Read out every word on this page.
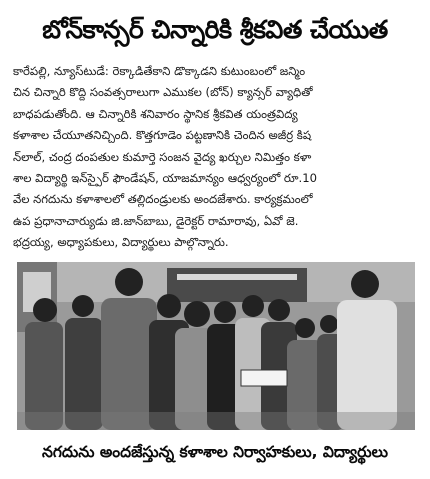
బోన్‌కాన్సర్ చిన్నారికి శ్రీకవిత చేయుత
కారేపల్లి, న్యూస్‌టుడే: రెక్కాడితేకాని డొక్కాడని కుటుంబంలో జన్మిం
చిన చిన్నారి కొద్ది సంవత్సరాలుగా ఎముకల (బోన్) క్యాన్సర్ వ్యాధితో
బాధపడుతోంది. ఆ చిన్నారికి శనివారం స్థానిక శ్రీకవిత యంత్రవిద్య
కళాశాల చేయూతనిచ్చింది. కొత్తగూడెం పట్టణానికి చెందిన అజీర్ర కిష
న్‌లాల్, చంద్ర దంపతుల కుమార్తె సంజన వైద్య ఖర్చుల నిమిత్తం కళా
శాల విద్యార్థి ఇన్‌స్పైర్ ఫౌండేషన్, యాజమాన్యం ఆధ్వర్యంలో రూ.10
వేల నగదును కళాశాలలో తల్లిదండ్రులకు అందజేశారు. కార్యక్రమంలో
ఉప ప్రధానాచార్యుడు జి.జాన్‌బాబు, డైరెక్టర్ రామారావు, ఏవో జె.
భద్రయ్య, అధ్యాపకులు, విద్యార్థులు పాల్గొన్నారు.
నగదును అందజేస్తున్న కళాశాల నిర్వాహకులు, విద్యార్థులు
